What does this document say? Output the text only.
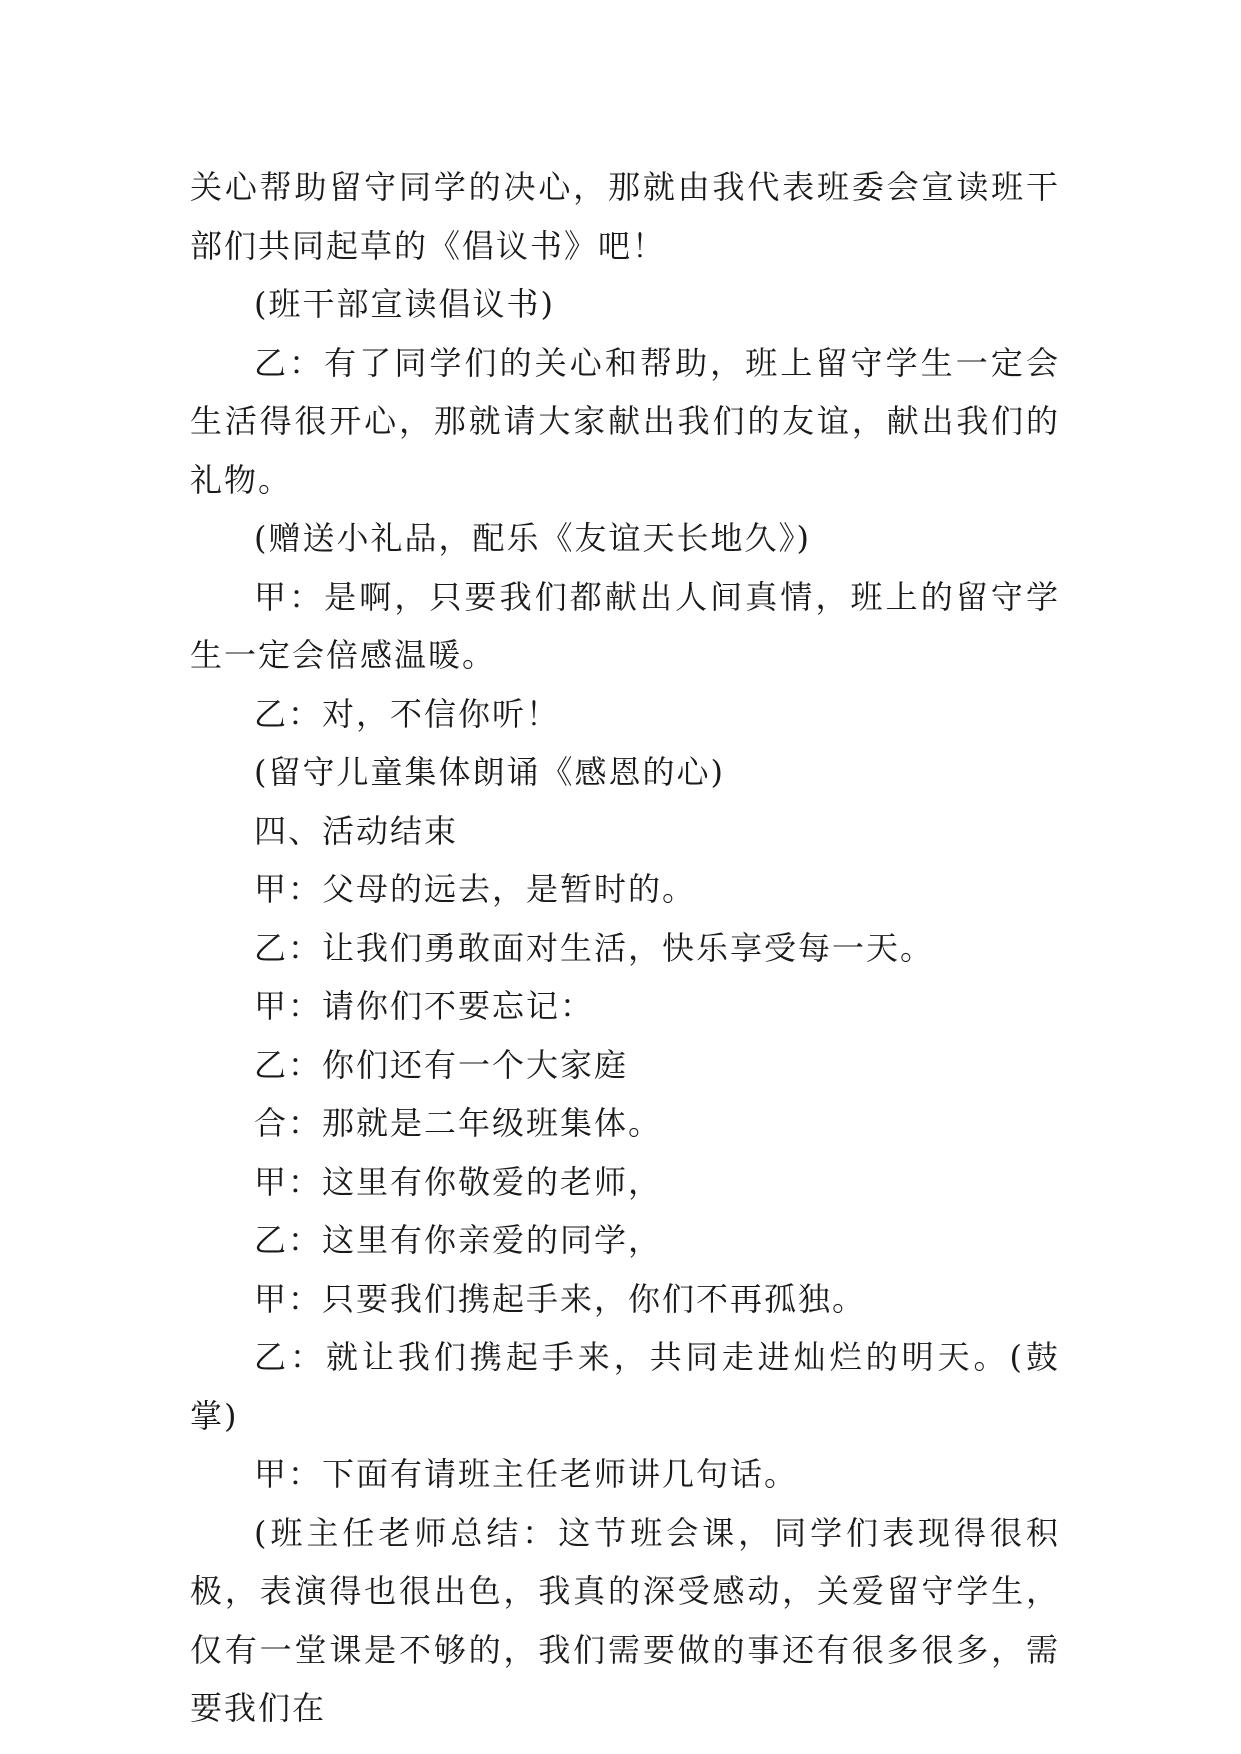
关心帮助留守同学的决心，那就由我代表班委会宣读班干部们共同起草的《倡议书》吧！

(班干部宣读倡议书)

乙：有了同学们的关心和帮助，班上留守学生一定会生活得很开心，那就请大家献出我们的友谊，献出我们的礼物。

(赠送小礼品，配乐《友谊天长地久》)

甲：是啊，只要我们都献出人间真情，班上的留守学生一定会倍感温暖。

乙：对，不信你听！

(留守儿童集体朗诵《感恩的心)

四、活动结束

甲：父母的远去，是暂时的。

乙：让我们勇敢面对生活，快乐享受每一天。

甲：请你们不要忘记：

乙：你们还有一个大家庭

合：那就是二年级班集体。

甲：这里有你敬爱的老师，

乙：这里有你亲爱的同学，

甲：只要我们携起手来，你们不再孤独。

乙：就让我们携起手来，共同走进灿烂的明天。(鼓掌)

甲：下面有请班主任老师讲几句话。

(班主任老师总结：这节班会课，同学们表现得很积极，表演得也很出色，我真的深受感动，关爱留守学生，仅有一堂课是不够的，我们需要做的事还有很多很多，需要我们在
